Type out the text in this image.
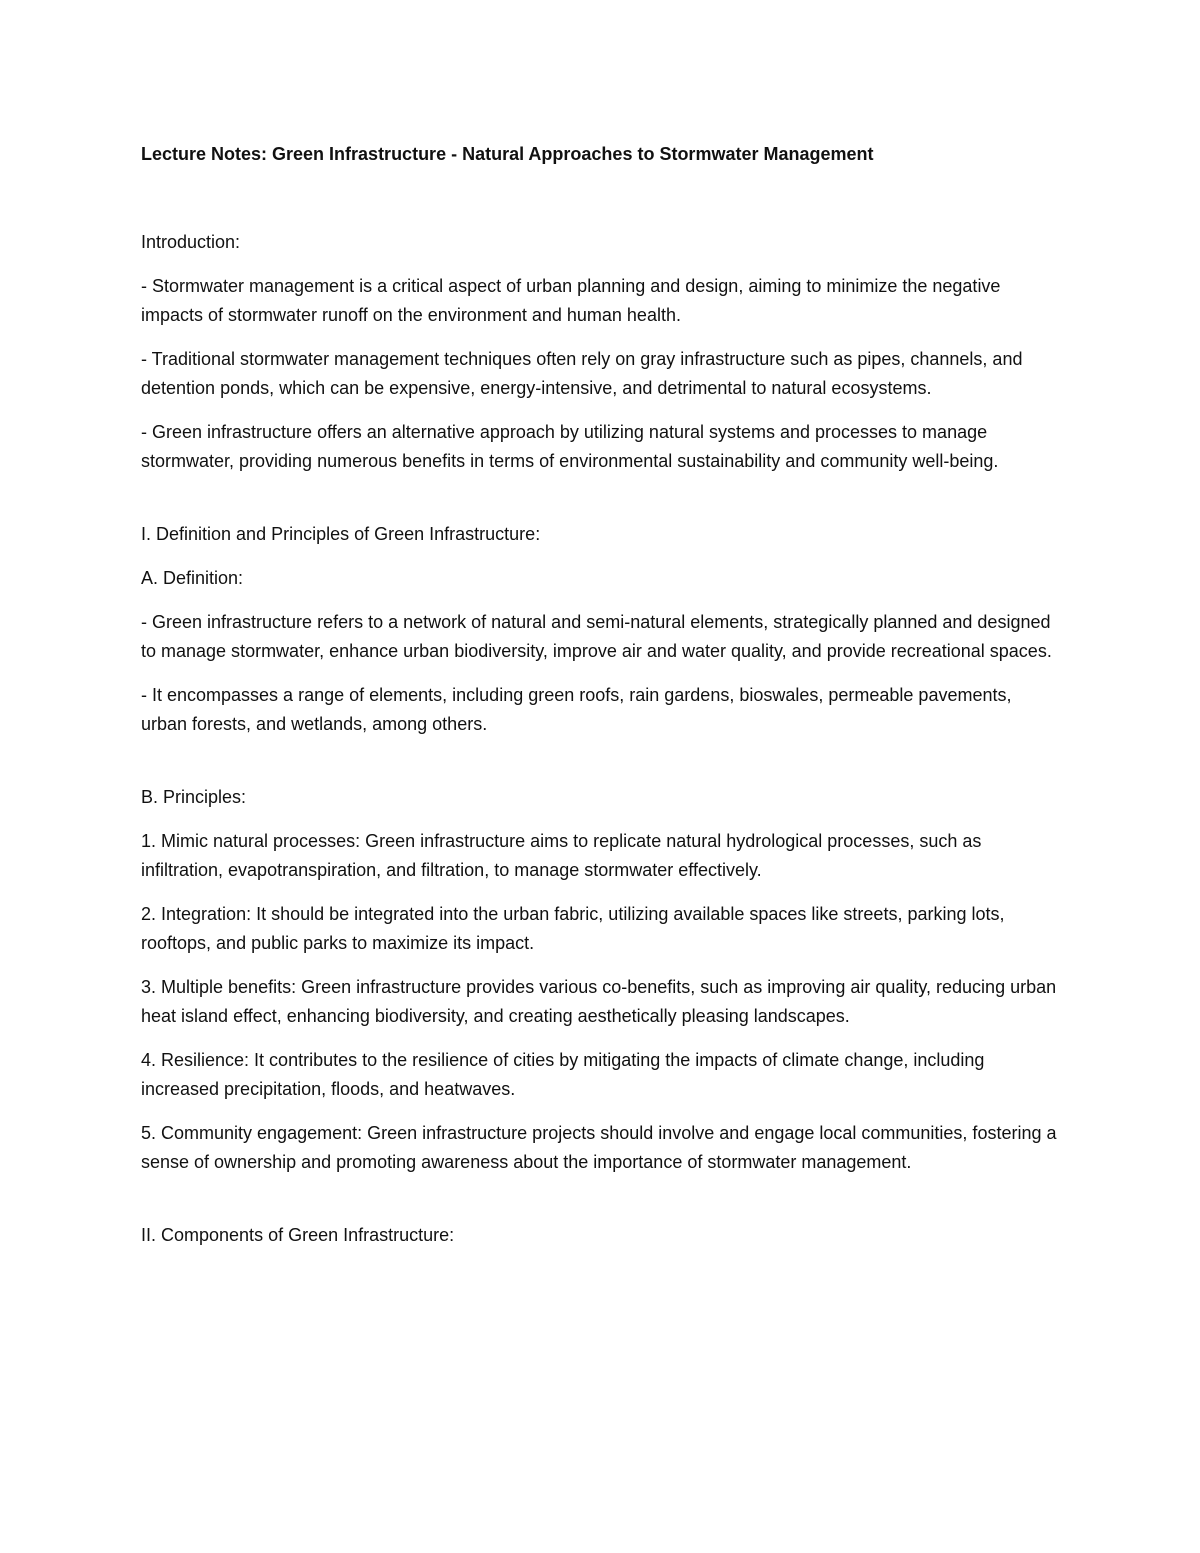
Lecture Notes: Green Infrastructure - Natural Approaches to Stormwater Management

Introduction:

- Stormwater management is a critical aspect of urban planning and design, aiming to minimize the negative impacts of stormwater runoff on the environment and human health.

- Traditional stormwater management techniques often rely on gray infrastructure such as pipes, channels, and detention ponds, which can be expensive, energy-intensive, and detrimental to natural ecosystems.

- Green infrastructure offers an alternative approach by utilizing natural systems and processes to manage stormwater, providing numerous benefits in terms of environmental sustainability and community well-being.

I. Definition and Principles of Green Infrastructure:

A. Definition:

- Green infrastructure refers to a network of natural and semi-natural elements, strategically planned and designed to manage stormwater, enhance urban biodiversity, improve air and water quality, and provide recreational spaces.

- It encompasses a range of elements, including green roofs, rain gardens, bioswales, permeable pavements, urban forests, and wetlands, among others.

B. Principles:

1. Mimic natural processes: Green infrastructure aims to replicate natural hydrological processes, such as infiltration, evapotranspiration, and filtration, to manage stormwater effectively.

2. Integration: It should be integrated into the urban fabric, utilizing available spaces like streets, parking lots, rooftops, and public parks to maximize its impact.

3. Multiple benefits: Green infrastructure provides various co-benefits, such as improving air quality, reducing urban heat island effect, enhancing biodiversity, and creating aesthetically pleasing landscapes.

4. Resilience: It contributes to the resilience of cities by mitigating the impacts of climate change, including increased precipitation, floods, and heatwaves.

5. Community engagement: Green infrastructure projects should involve and engage local communities, fostering a sense of ownership and promoting awareness about the importance of stormwater management.

II. Components of Green Infrastructure:
